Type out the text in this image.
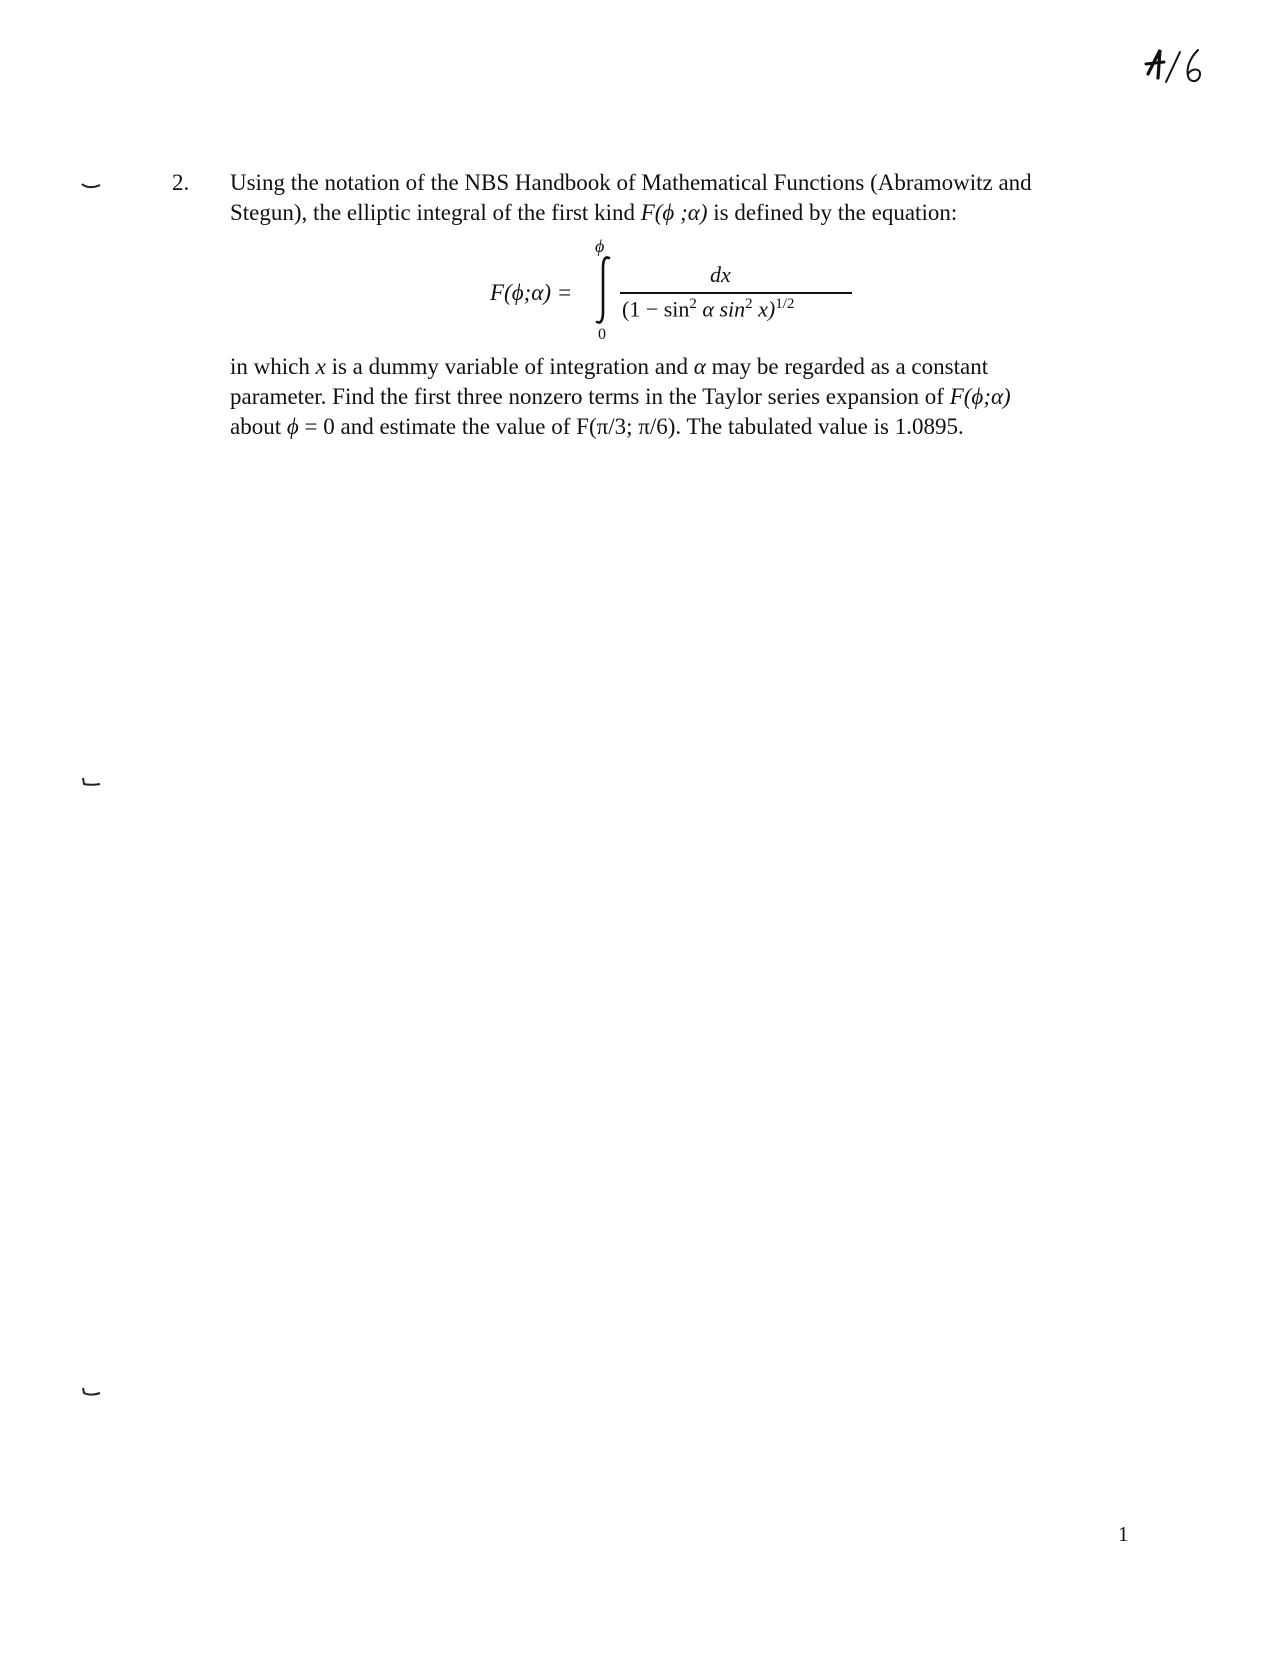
2. Using the notation of the NBS Handbook of Mathematical Functions (Abramowitz and
Stegun), the elliptic integral of the first kind F(ϕ ;α) is defined by the equation:
F(ϕ;α) =
ϕ
0
dx
($1 - \sin^2 \alpha$ $\sin^2 x)^{1/2}$
in which x is a dummy variable of integration and α may be regarded as a constant
parameter. Find the first three nonzero terms in the Taylor series expansion of F(ϕ;α)
about ϕ = 0 and estimate the value of F(π/3; π/6). The tabulated value is 1.0895.
1
